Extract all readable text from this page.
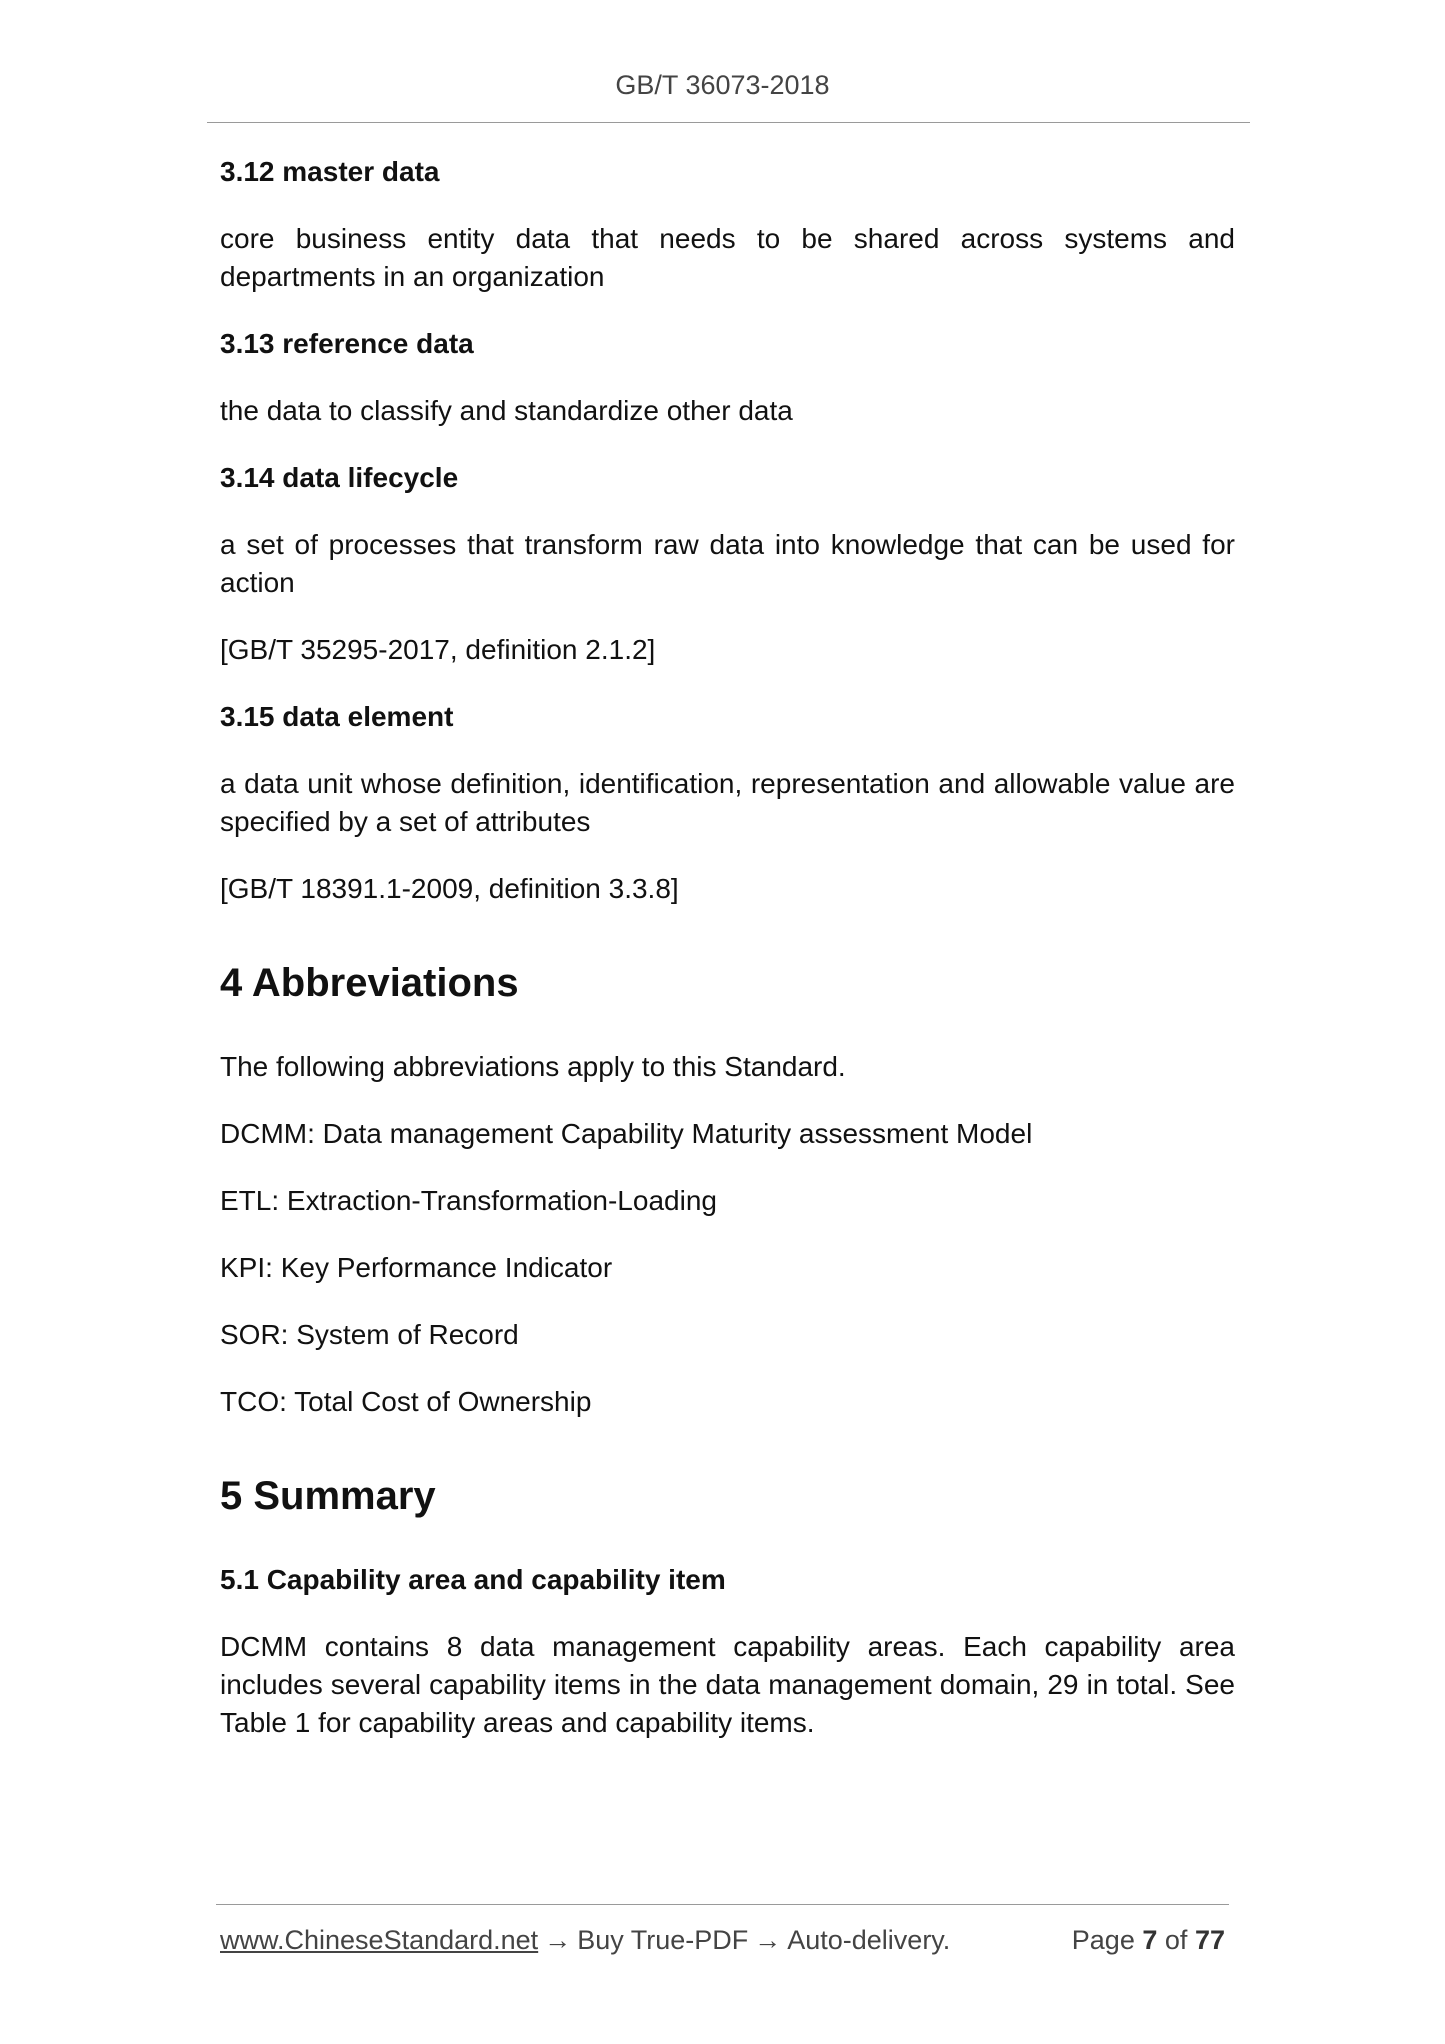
GB/T 36073-2018

3.12 master data

core business entity data that needs to be shared across systems and departments in an organization

3.13 reference data

the data to classify and standardize other data

3.14 data lifecycle

a set of processes that transform raw data into knowledge that can be used for action

[GB/T 35295-2017, definition 2.1.2]

3.15 data element

a data unit whose definition, identification, representation and allowable value are specified by a set of attributes

[GB/T 18391.1-2009, definition 3.3.8]

4 Abbreviations

The following abbreviations apply to this Standard.

DCMM: Data management Capability Maturity assessment Model

ETL: Extraction-Transformation-Loading

KPI: Key Performance Indicator

SOR: System of Record

TCO: Total Cost of Ownership

5 Summary

5.1 Capability area and capability item

DCMM contains 8 data management capability areas. Each capability area includes several capability items in the data management domain, 29 in total. See Table 1 for capability areas and capability items.

www.ChineseStandard.net → Buy True-PDF → Auto-delivery.	Page 7 of 77
